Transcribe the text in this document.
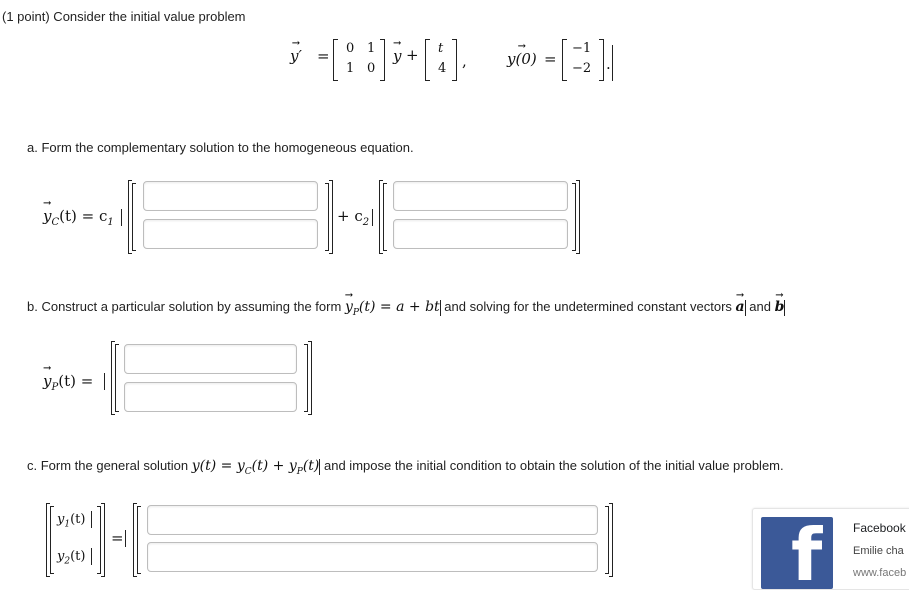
(1 point) Consider the initial value problem
→ y′ = 0 1
1 0
→ y + t
4 ,	→ y(0) =
−1
−2 .
a. Form the complementary solution to the homogeneous equation.
→ $y_C(t) = c_1$	+ $c_2$
b. Construct a particular solution by assuming the form → $y_P(t) = a$ + bt and solving for the undetermined constant vectors → a and → b
→ $y_P(t)$ =
c. Form the general solution $y(t) = y_C(t) + y_P(t)$ and impose the initial condition to obtain the solution of the initial value problem.
$y_1(t)$
$y_2(t)$
=	f	Facebook
Emilie cha
www.faceb
